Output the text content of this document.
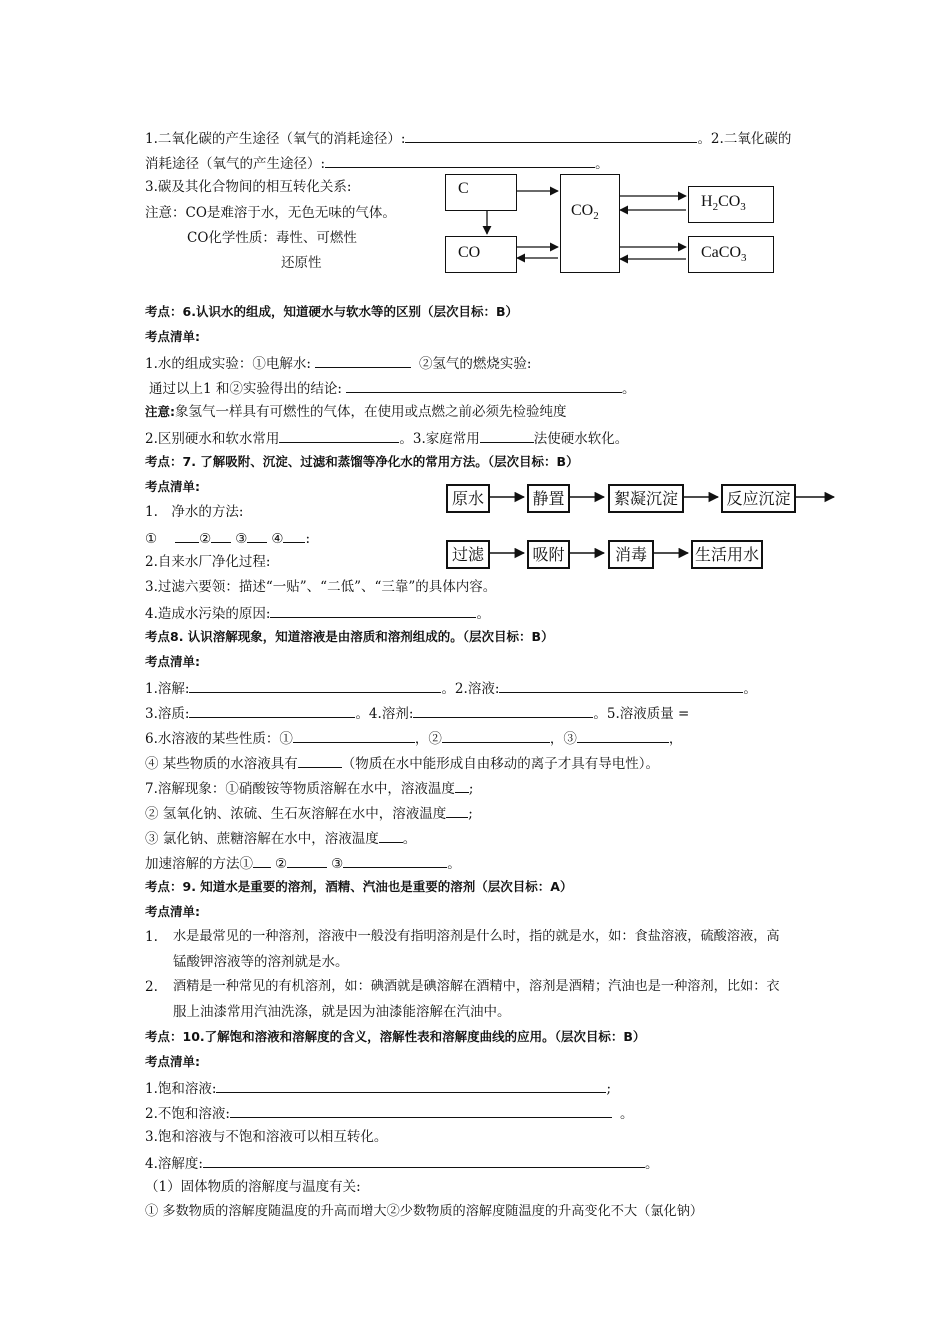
1.二氧化碳的产生途径（氧气的消耗途径）:	。2.二氧化碳的
消耗途径（氧气的产生途径）:	。
3.碳及其化合物间的相互转化关系:
注意：CO是难溶于水，无色无味的气体。
CO化学性质：毒性、可燃性
还原性
C
CO
$CO_2$
$H_2CO_3$
CaCO$_3$
考点：6.认识水的组成，知道硬水与软水等的区别（层次目标：B）
考点清单:
1.水的组成实验：①电解水:	②氢气的燃烧实验:
通过以上1 和②实验得出的结论:	。
注意:象氢气一样具有可燃性的气体，在使用或点燃之前必须先检验纯度
2.区别硬水和软水常用	。3.家庭常用	法使硬水软化。
考点：7. 了解吸附、沉淀、过滤和蒸馏等净化水的常用方法。（层次目标：B）
考点清单:
1.　净水的方法:
①	② ③ ④ :
2.自来水厂净化过程:
3.过滤六要领：描述“一贴”、“二低”、“三靠”的具体内容。
4.造成水污染的原因:	。
原水	静置	絮凝沉淀	反应沉淀
过滤	吸附	消毒	生活用水
考点8. 认识溶解现象，知道溶液是由溶质和溶剂组成的。（层次目标：B）
考点清单:
1.溶解:	。2.溶液:	。
3.溶质:	。4.溶剂:	。5.溶液质量 =
6.水溶液的某些性质：①	，②	，③	，
④ 某些物质的水溶液具有	（物质在水中能形成自由移动的离子才具有导电性）。
7.溶解现象：①硝酸铵等物质溶解在水中，溶液温度 ;
② 氢氧化钠、浓硫、生石灰溶解在水中，溶液温度 ;
③ 氯化钠、蔗糖溶解在水中，溶液温度 。
加速溶解的方法① ②	③	。
考点：9. 知道水是重要的溶剂，酒精、汽油也是重要的溶剂（层次目标：A）
考点清单:
1. 水是最常见的一种溶剂，溶液中一般没有指明溶剂是什么时，指的就是水，如：食盐溶液，硫酸溶液，高
锰酸钾溶液等的溶剂就是水。
2. 酒精是一种常见的有机溶剂，如：碘酒就是碘溶解在酒精中，溶剂是酒精；汽油也是一种溶剂，比如：衣
服上油漆常用汽油洗涤，就是因为油漆能溶解在汽油中。
考点：10.了解饱和溶液和溶解度的含义，溶解性表和溶解度曲线的应用。（层次目标：B）
考点清单:
1.饱和溶液:	;
2.不饱和溶液:	。
3.饱和溶液与不饱和溶液可以相互转化。
4.溶解度:	。
（1）固体物质的溶解度与温度有关:
① 多数物质的溶解度随温度的升高而增大②少数物质的溶解度随温度的升高变化不大（氯化钠）
